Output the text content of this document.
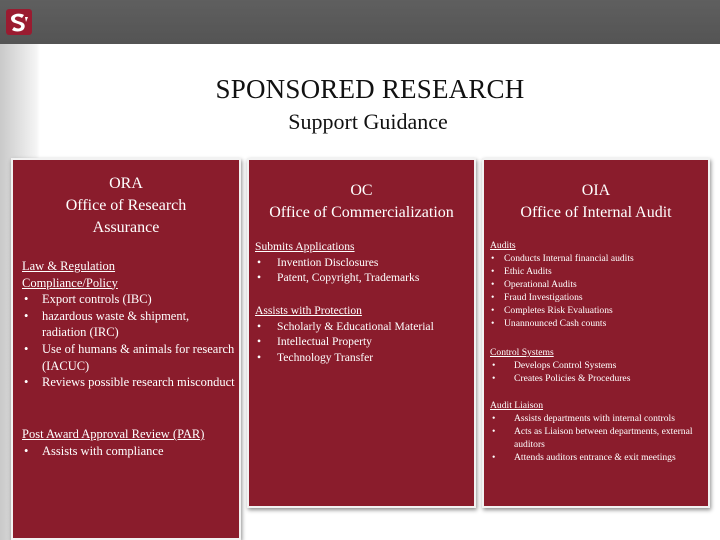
SPONSORED RESEARCH
Support Guidance
ORA
Office of Research
Assurance
Law & Regulation
Compliance/Policy
• Export controls (IBC)
• hazardous waste & shipment, radiation (IRC)
• Use of humans & animals for research (IACUC)
• Reviews possible research misconduct
Post Award Approval Review (PAR)
• Assists with compliance
OC
Office of Commercialization
Submits Applications
• Invention Disclosures
• Patent, Copyright, Trademarks
Assists with Protection
• Scholarly & Educational Material
• Intellectual Property
• Technology Transfer
OIA
Office of Internal Audit
Audits
• Conducts Internal financial audits
• Ethic Audits
• Operational Audits
• Fraud Investigations
• Completes Risk Evaluations
• Unannounced Cash counts
Control Systems
• Develops Control Systems
• Creates Policies & Procedures
Audit Liaison
• Assists departments with internal controls
• Acts as Liaison between departments, external auditors
• Attends auditors entrance & exit meetings
